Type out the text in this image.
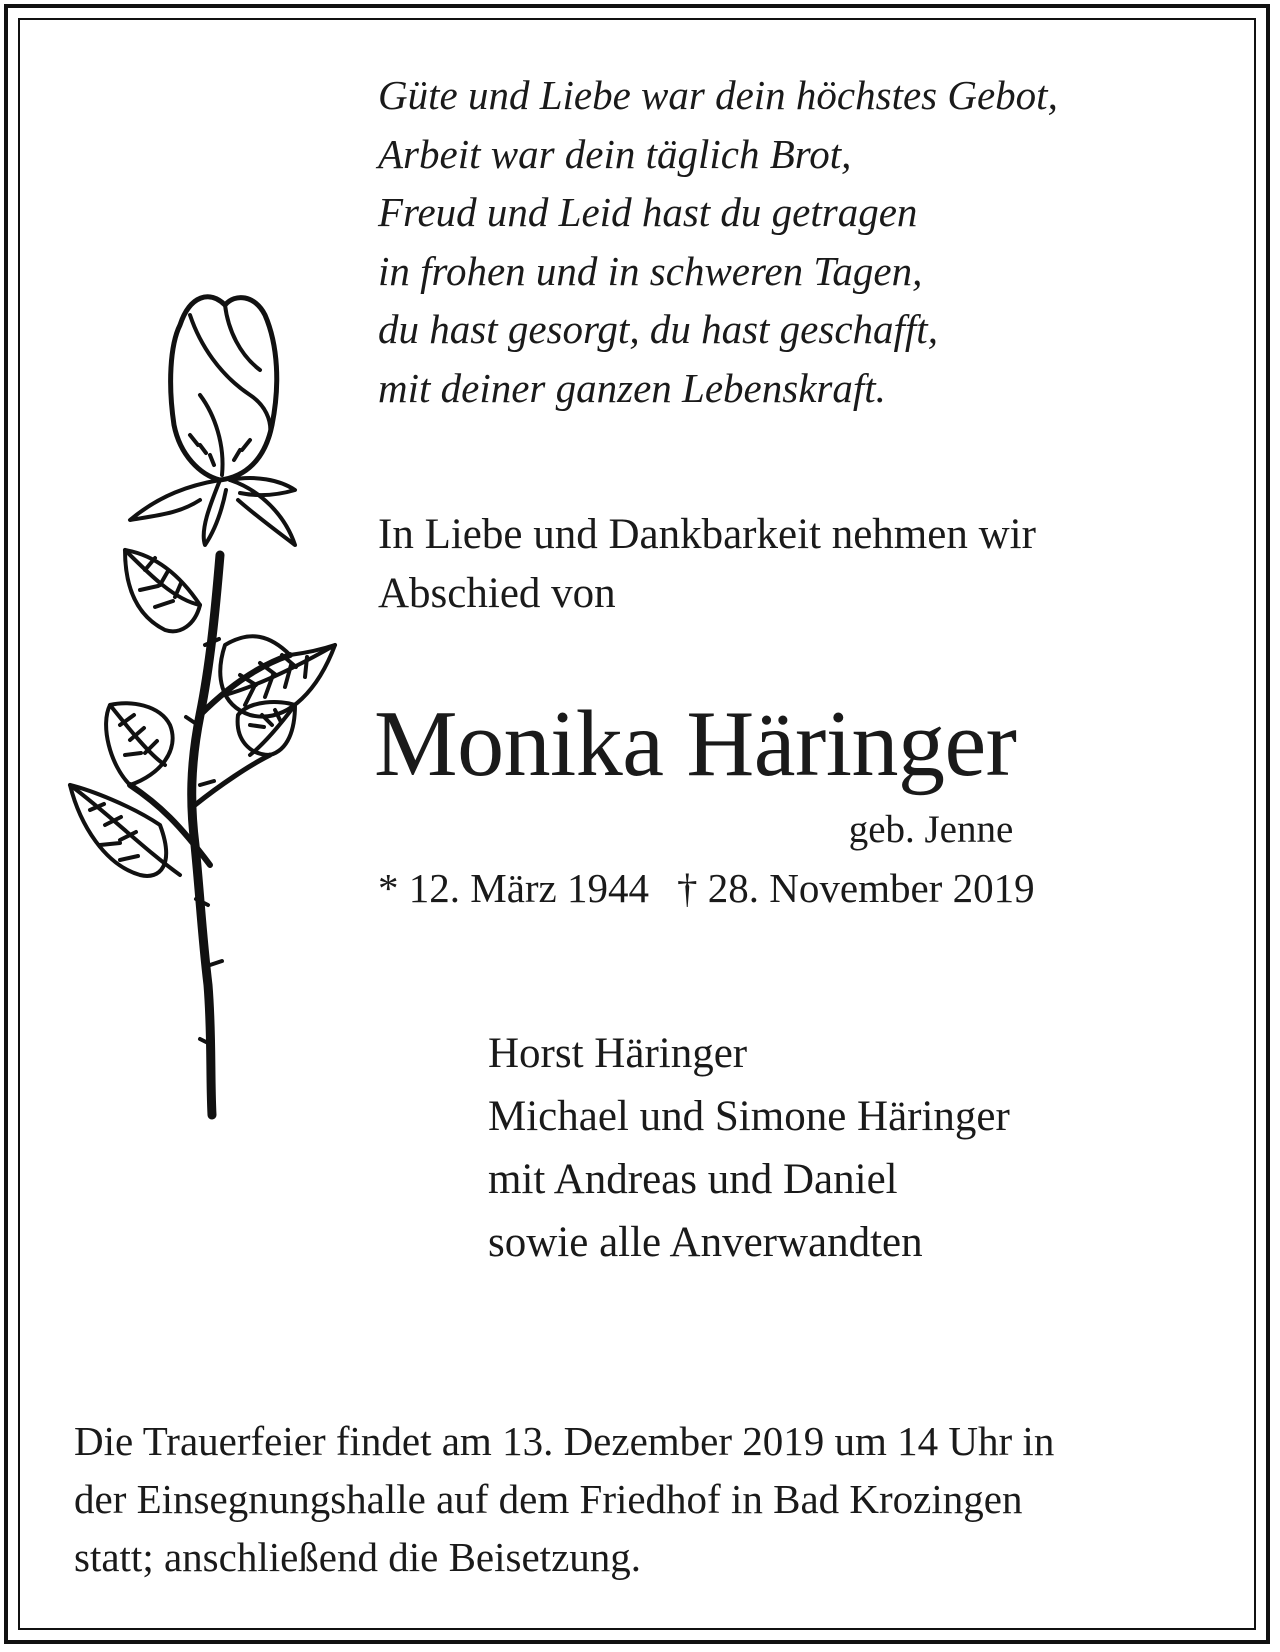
Güte und Liebe war dein höchstes Gebot,
Arbeit war dein täglich Brot,
Freud und Leid hast du getragen
in frohen und in schweren Tagen,
du hast gesorgt, du hast geschafft,
mit deiner ganzen Lebenskraft.
In Liebe und Dankbarkeit nehmen wir
Abschied von
Monika Häringer
geb. Jenne
* 12. März 1944 † 28. November 2019
Horst Häringer
Michael und Simone Häringer
mit Andreas und Daniel
sowie alle Anverwandten
Die Trauerfeier findet am 13. Dezember 2019 um 14 Uhr in
der Einsegnungshalle auf dem Friedhof in Bad Krozingen
statt; anschließend die Beisetzung.
